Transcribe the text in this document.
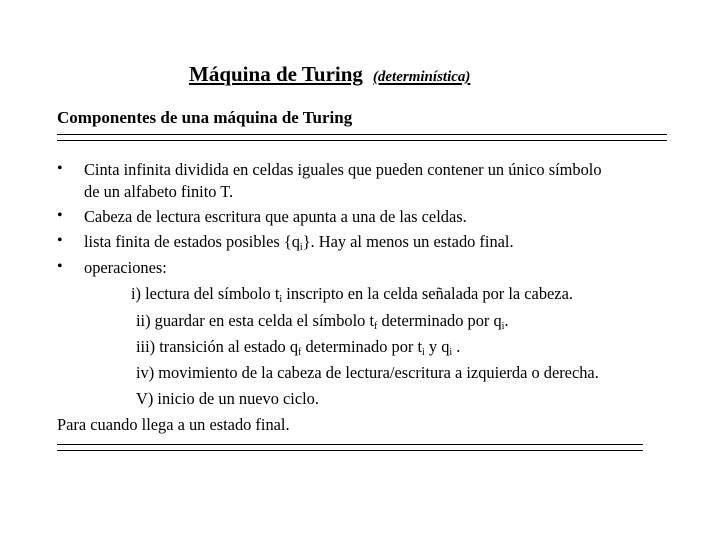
Máquina de Turing (determinística)
Componentes de una máquina de Turing
• Cinta infinita dividida en celdas iguales que pueden contener un único símbolo
de un alfabeto finito T.
• Cabeza de lectura escritura que apunta a una de las celdas.
• lista finita de estados posibles $\{q_i\}$. Hay al menos un estado final.
• operaciones:
i) lectura del símbolo $t_i$ inscripto en la celda señalada por la cabeza.
ii) guardar en esta celda el símbolo $t_f$ determinado por $q_i$.
iii) transición al estado $q_f$ determinado por $t_i$ y $q_i$ .
iv) movimiento de la cabeza de lectura/escritura a izquierda o derecha.
V) inicio de un nuevo ciclo.
Para cuando llega a un estado final.
